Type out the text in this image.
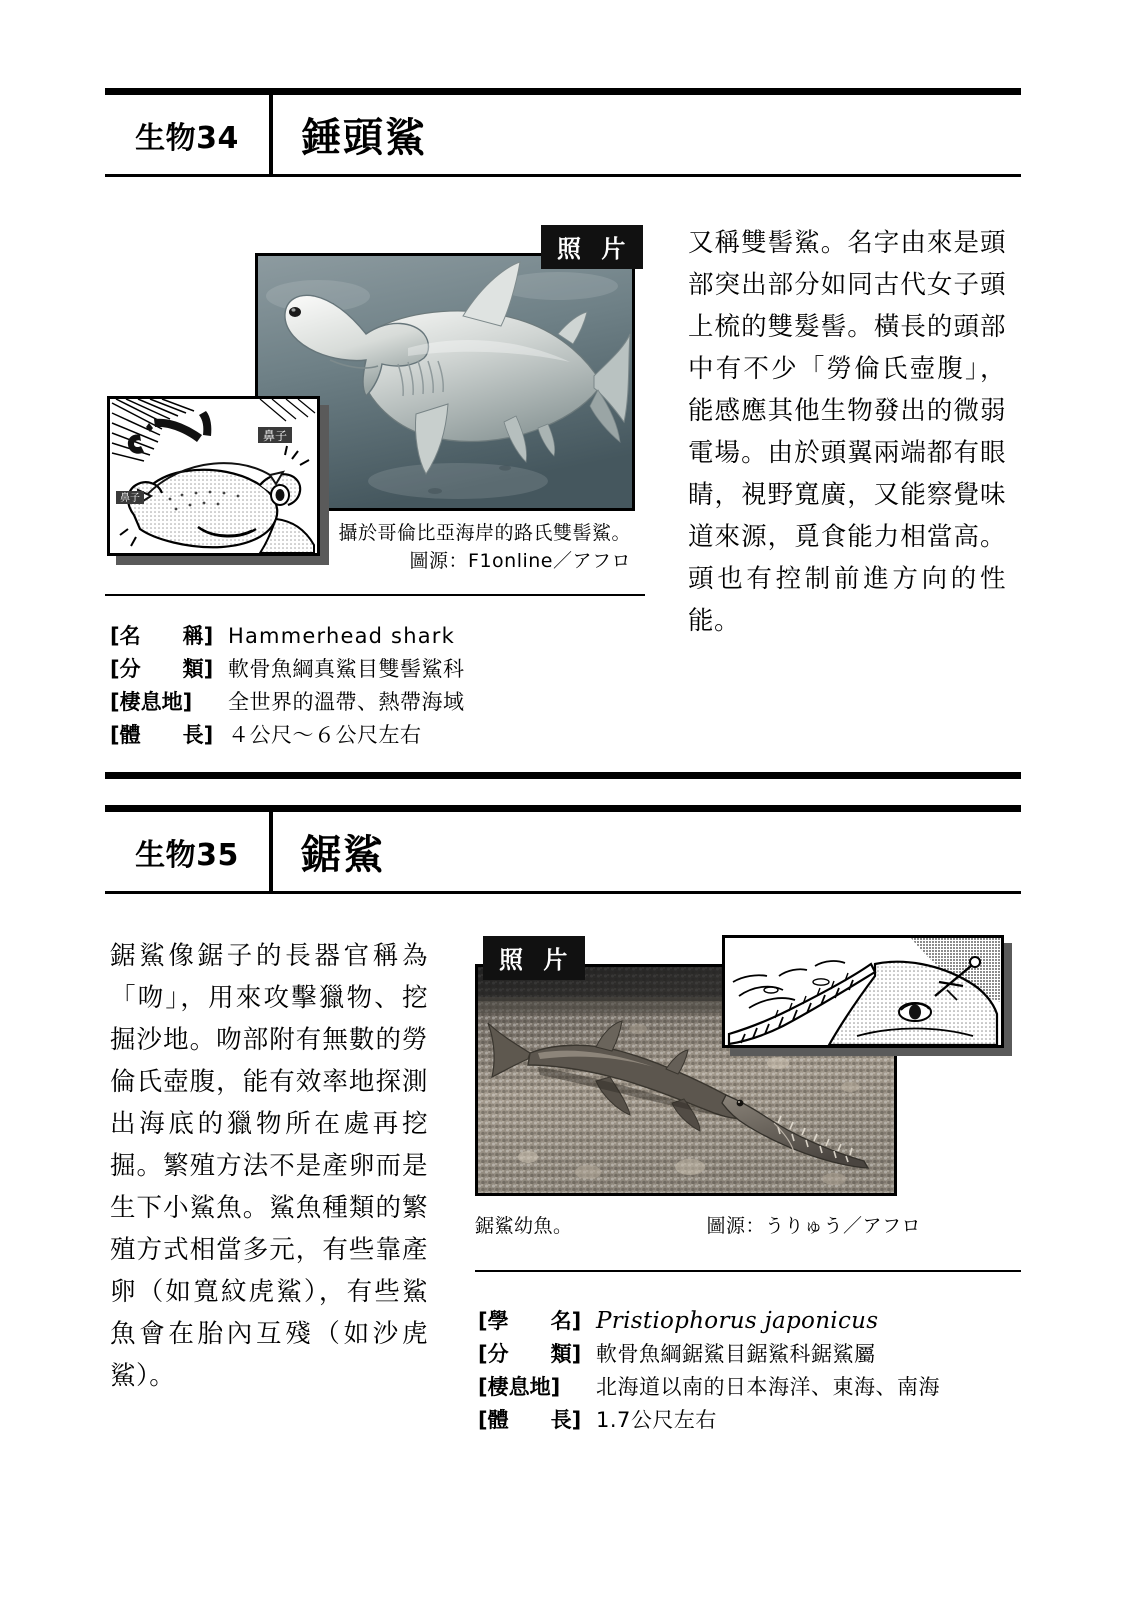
生物34	錘頭鯊
照 片
攝於哥倫比亞海岸的路氏雙髻鯊。
圖源：F1online／アフロ
鼻子
鼻子
又稱雙髻鯊。名字由來是頭部突出部分如同古代女子頭上梳的雙髮髻。橫長的頭部中有不少「勞倫氏壺腹」，能感應其他生物發出的微弱電場。由於頭翼兩端都有眼睛，視野寬廣，又能察覺味道來源，覓食能力相當高。頭也有控制前進方向的性能。
[名　　稱] Hammerhead shark
[分　　類] 軟骨魚綱真鯊目雙髻鯊科
[棲息地]	全世界的溫帶、熱帶海域
[體　　長] ４公尺～６公尺左右
生物35	鋸鯊
鋸鯊像鋸子的長器官稱為「吻」，用來攻擊獵物、挖掘沙地。吻部附有無數的勞倫氏壺腹，能有效率地探測出海底的獵物所在處再挖掘。繁殖方法不是產卵而是生下小鯊魚。鯊魚種類的繁殖方式相當多元，有些靠產卵（如寬紋虎鯊），有些鯊魚會在胎內互殘（如沙虎鯊）。
照 片
鋸鯊幼魚。	圖源：うりゅう／アフロ
[學　　名] Pristiophorus japonicus
[分　　類] 軟骨魚綱鋸鯊目鋸鯊科鋸鯊屬
[棲息地]	北海道以南的日本海洋、東海、南海
[體　　長] 1.7公尺左右
